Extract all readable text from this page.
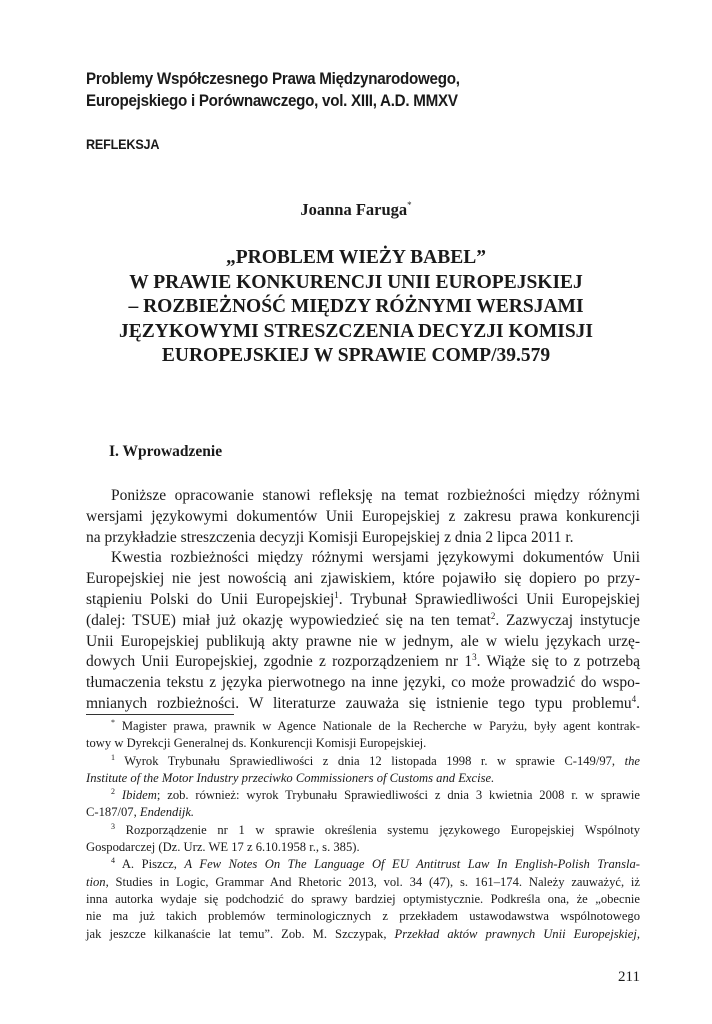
Problemy Współczesnego Prawa Międzynarodowego,
Europejskiego i Porównawczego, vol. XIII, A.D. MMXV
REFLEKSJA
Joanna Faruga*
„PROBLEM WIEŻY BABEL”
W PRAWIE KONKURENCJI UNII EUROPEJSKIEJ
– ROZBIEŻNOŚĆ MIĘDZY RÓŻNYMI WERSJAMI
JĘZYKOWYMI STRESZCZENIA DECYZJI KOMISJI
EUROPEJSKIEJ W SPRAWIE COMP/39.579
I. Wprowadzenie
Poniższe opracowanie stanowi refleksję na temat rozbieżności między różnymi
wersjami językowymi dokumentów Unii Europejskiej z zakresu prawa konkurencji
na przykładzie streszczenia decyzji Komisji Europejskiej z dnia 2 lipca 2011 r.
Kwestia rozbieżności między różnymi wersjami językowymi dokumentów Unii
Europejskiej nie jest nowością ani zjawiskiem, które pojawiło się dopiero po przy-
stąpieniu Polski do Unii Europejskiej$^1$. Trybunał Sprawiedliwości Unii Europejskiej
(dalej: TSUE) miał już okazję wypowiedzieć się na ten temat$^2$. Zazwyczaj instytucje
Unii Europejskiej publikują akty prawne nie w jednym, ale w wielu językach urzę-
dowych Unii Europejskiej, zgodnie z rozporządzeniem nr $1^3$. Wiąże się to z potrzebą
tłumaczenia tekstu z języka pierwotnego na inne języki, co może prowadzić do wspo-
mnianych rozbieżności. W literaturze zauważa się istnienie tego typu problemu$^4$.
* Magister prawa, prawnik w Agence Nationale de la Recherche w Paryżu, były agent kontrak-
towy w Dyrekcji Generalnej ds. Konkurencji Komisji Europejskiej.
$^1$ Wyrok Trybunału Sprawiedliwości z dnia 12 listopada 1998 r. w sprawie C-149/97, the
Institute of the Motor Industry przeciwko Commissioners of Customs and Excise.
$^2$ Ibidem; zob. również: wyrok Trybunału Sprawiedliwości z dnia 3 kwietnia 2008 r. w sprawie
C-187/07, Endendijk.
$^3$ Rozporządzenie nr 1 w sprawie określenia systemu językowego Europejskiej Wspólnoty
Gospodarczej (Dz. Urz. WE 17 z 6.10.1958 r., s. 385).
$^4$ A. Piszcz, A Few Notes On The Language Of EU Antitrust Law In English-Polish Transla-
tion, Studies in Logic, Grammar And Rhetoric 2013, vol. 34 (47), s. 161–174. Należy zauważyć, iż
inna autorka wydaje się podchodzić do sprawy bardziej optymistycznie. Podkreśla ona, że „obecnie
nie ma już takich problemów terminologicznych z przekładem ustawodawstwa wspólnotowego
jak jeszcze kilkanaście lat temu”. Zob. M. Szczypak, Przekład aktów prawnych Unii Europejskiej,
211
